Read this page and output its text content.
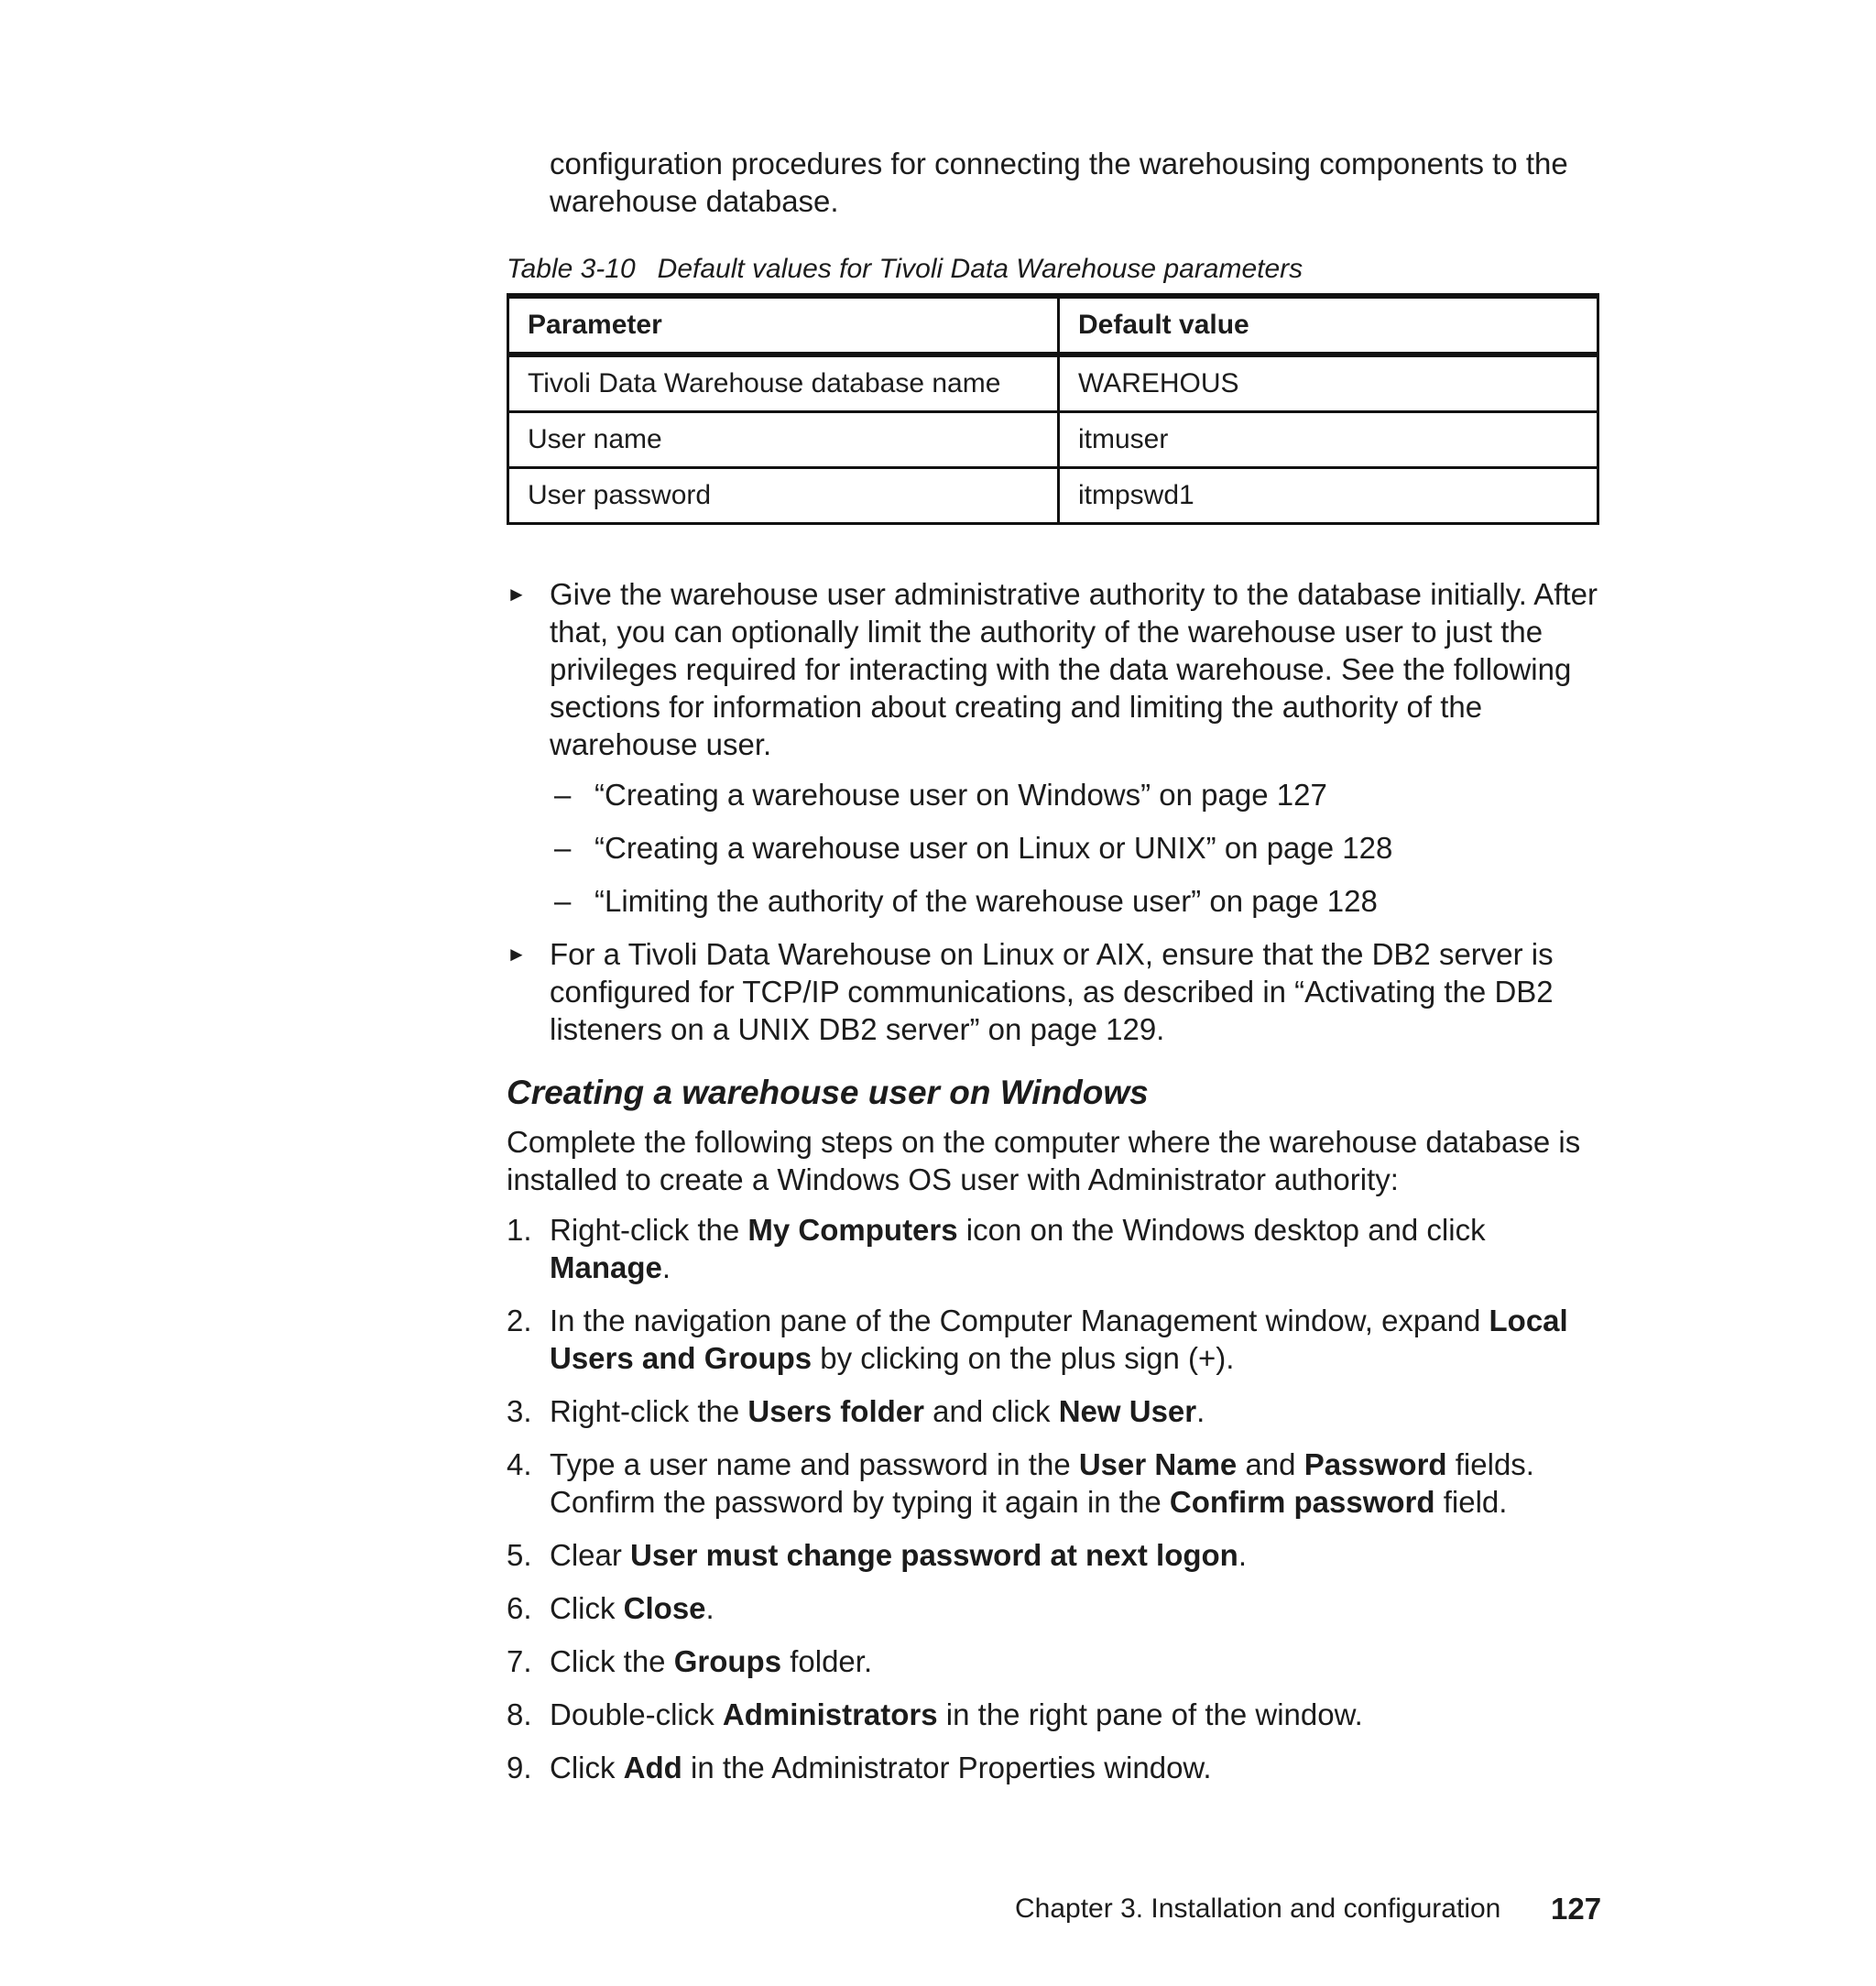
configuration procedures for connecting the warehousing components to the warehouse database.

Table 3-10 Default values for Tivoli Data Warehouse parameters

Parameter	Default value
Tivoli Data Warehouse database name	WAREHOUS
User name	itmuser
User password	itmpswd1

► Give the warehouse user administrative authority to the database initially. After that, you can optionally limit the authority of the warehouse user to just the privileges required for interacting with the data warehouse. See the following sections for information about creating and limiting the authority of the warehouse user.

– “Creating a warehouse user on Windows” on page 127

– “Creating a warehouse user on Linux or UNIX” on page 128

– “Limiting the authority of the warehouse user” on page 128

► For a Tivoli Data Warehouse on Linux or AIX, ensure that the DB2 server is configured for TCP/IP communications, as described in “Activating the DB2 listeners on a UNIX DB2 server” on page 129.

Creating a warehouse user on Windows

Complete the following steps on the computer where the warehouse database is installed to create a Windows OS user with Administrator authority:

1. Right-click the My Computers icon on the Windows desktop and click Manage.

2. In the navigation pane of the Computer Management window, expand Local Users and Groups by clicking on the plus sign (+).

3. Right-click the Users folder and click New User.

4. Type a user name and password in the User Name and Password fields. Confirm the password by typing it again in the Confirm password field.

5. Clear User must change password at next logon.

6. Click Close.

7. Click the Groups folder.

8. Double-click Administrators in the right pane of the window.

9. Click Add in the Administrator Properties window.

Chapter 3. Installation and configuration 127
